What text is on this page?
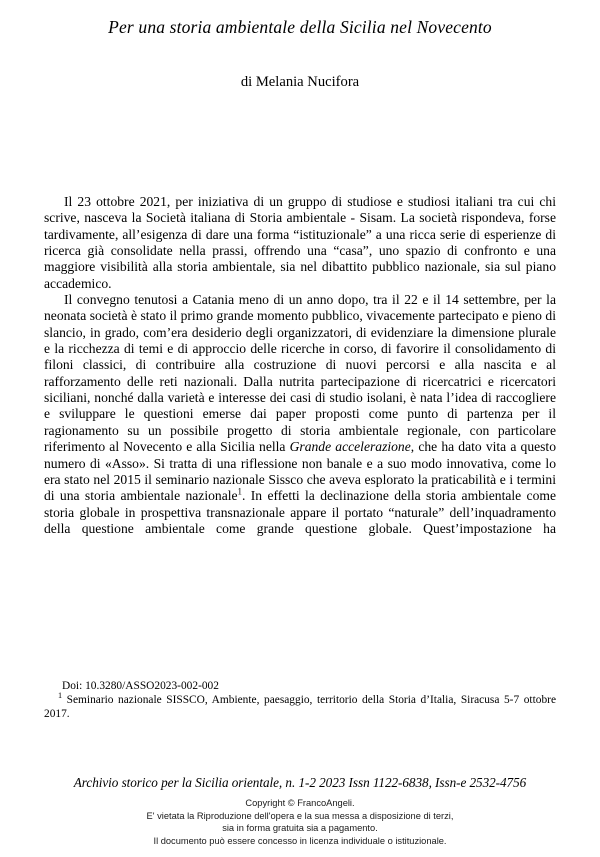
Per una storia ambientale della Sicilia nel Novecento
di Melania Nucifora

Il 23 ottobre 2021, per iniziativa di un gruppo di studiose e studiosi italiani tra cui chi scrive, nasceva la Società italiana di Storia ambientale - Sisam. La società rispondeva, forse tardivamente, all’esigenza di dare una forma “istituzionale” a una ricca serie di esperienze di ricerca già consolidate nella prassi, offrendo una “casa”, uno spazio di confronto e una maggiore visibilità alla storia ambientale, sia nel dibattito pubblico nazionale, sia sul piano accademico.

Il convegno tenutosi a Catania meno di un anno dopo, tra il 22 e il 14 settembre, per la neonata società è stato il primo grande momento pubblico, vivacemente partecipato e pieno di slancio, in grado, com’era desiderio degli organizzatori, di evidenziare la dimensione plurale e la ricchezza di temi e di approccio delle ricerche in corso, di favorire il consolidamento di filoni classici, di contribuire alla costruzione di nuovi percorsi e alla nascita e al rafforzamento delle reti nazionali. Dalla nutrita partecipazione di ricercatrici e ricercatori siciliani, nonché dalla varietà e interesse dei casi di studio isolani, è nata l’idea di raccogliere e sviluppare le questioni emerse dai paper proposti come punto di partenza per il ragionamento su un possibile progetto di storia ambientale regionale, con particolare riferimento al Novecento e alla Sicilia nella Grande accelerazione, che ha dato vita a questo numero di «Asso». Si tratta di una riflessione non banale e a suo modo innovativa, come lo era stato nel 2015 il seminario nazionale Sissco che aveva esplorato la praticabilità e i termini di una storia ambientale nazionale$^1$. In effetti la declinazione della storia ambientale come storia globale in prospettiva transnazionale appare il portato “naturale” dell’inquadramento della questione ambientale come grande questione globale. Quest’impostazione ha

Doi: 10.3280/ASSO2023-002-002

$^1$ Seminario nazionale SISSCO, Ambiente, paesaggio, territorio della Storia d’Italia, Siracusa 5-7 ottobre 2017.

Archivio storico per la Sicilia orientale, n. 1-2 2023 Issn 1122-6838, Issn-e 2532-4756
Copyright © FrancoAngeli.
E' vietata la Riproduzione dell'opera e la sua messa a disposizione di terzi,
sia in forma gratuita sia a pagamento.
Il documento può essere concesso in licenza individuale o istituzionale.
